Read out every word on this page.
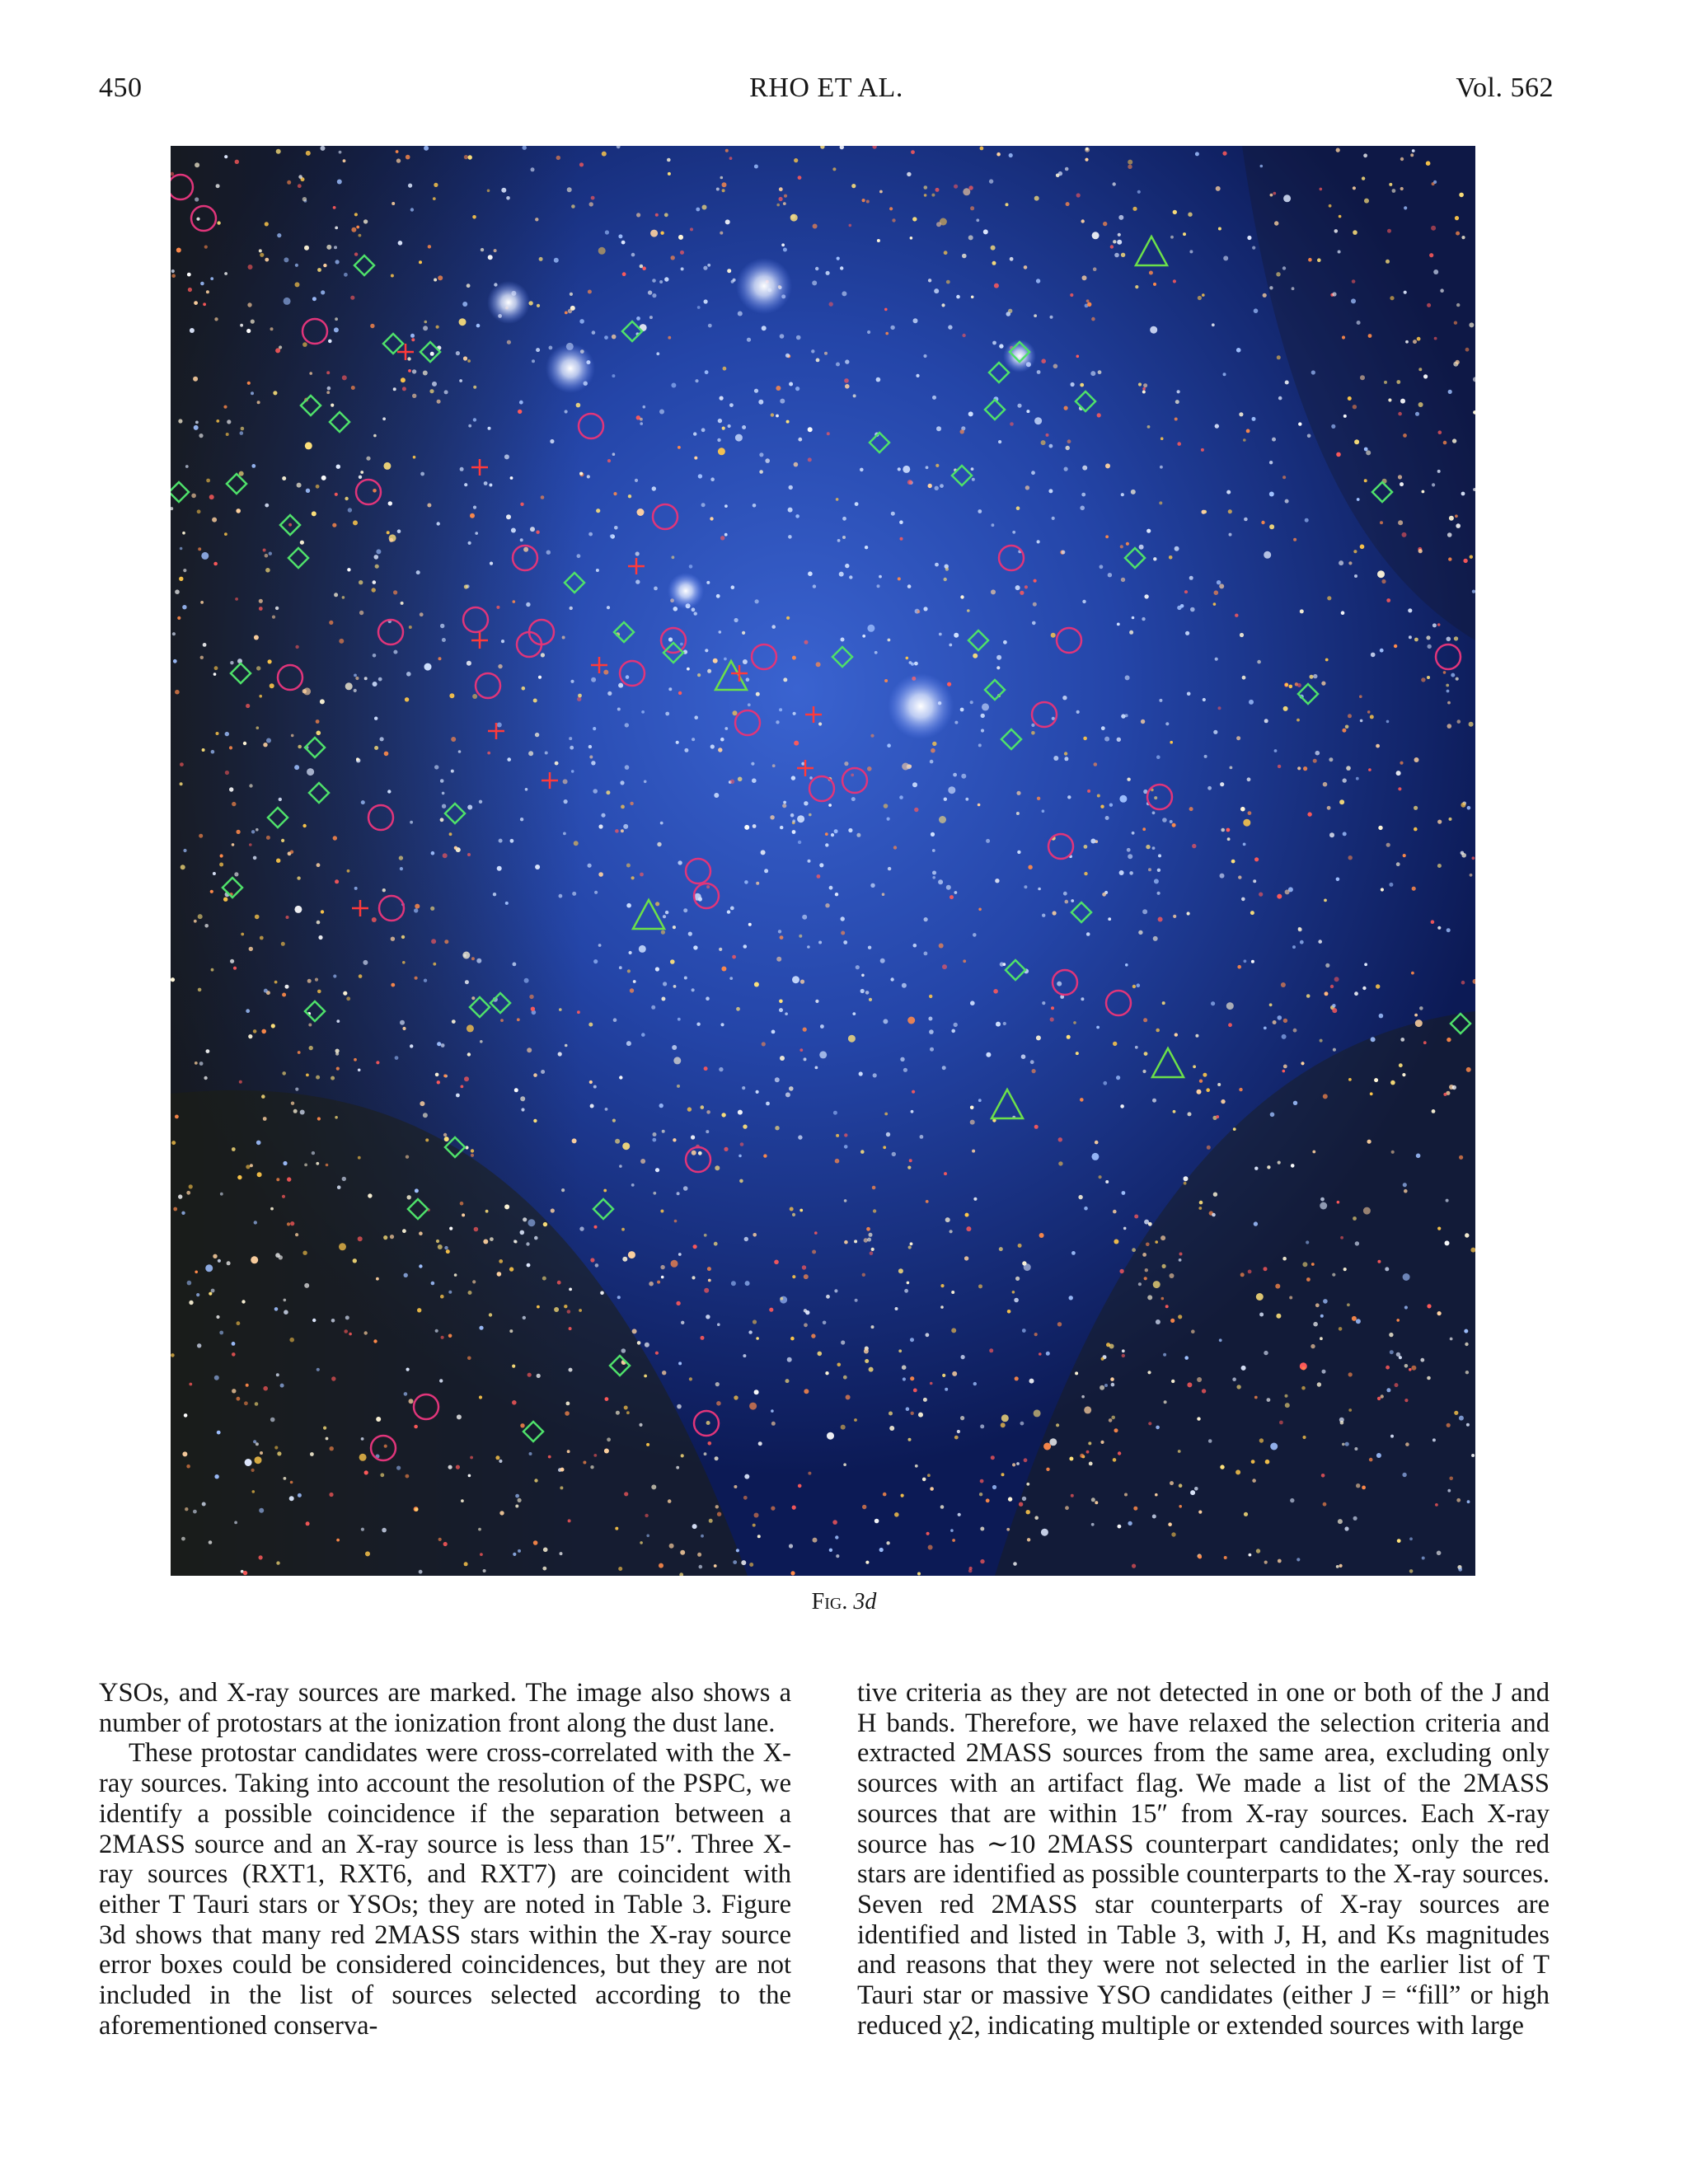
450	RHO ET AL.	Vol. 562
Fig. 3d

YSOs, and X-ray sources are marked. The image also shows a number of protostars at the ionization front along the dust lane.

These protostar candidates were cross-correlated with the X-ray sources. Taking into account the resolution of the PSPC, we identify a possible coincidence if the separation between a 2MASS source and an X-ray source is less than 15″. Three X-ray sources (RXT1, RXT6, and RXT7) are coincident with either T Tauri stars or YSOs; they are noted in Table 3. Figure 3d shows that many red 2MASS stars within the X-ray source error boxes could be considered coincidences, but they are not included in the list of sources selected according to the aforementioned conserva-

tive criteria as they are not detected in one or both of the J and H bands. Therefore, we have relaxed the selection criteria and extracted 2MASS sources from the same area, excluding only sources with an artifact flag. We made a list of the 2MASS sources that are within 15″ from X-ray sources. Each X-ray source has ∼10 2MASS counterpart candidates; only the red stars are identified as possible counterparts to the X-ray sources. Seven red 2MASS star counterparts of X-ray sources are identified and listed in Table 3, with J, H, and Ks magnitudes and reasons that they were not selected in the earlier list of T Tauri star or massive YSO candidates (either J = “fill” or high reduced χ2, indicating multiple or extended sources with large
